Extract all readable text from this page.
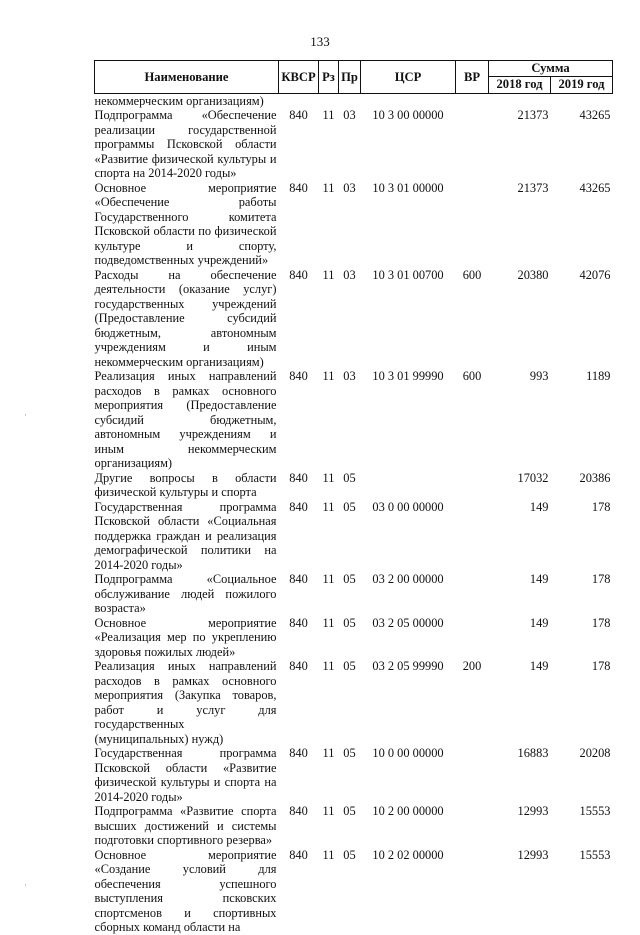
133
Наименование	КВСР	Рз	Пр	ЦСР	ВР	Сумма	
						2018 год	2019 год
некоммерческим организациям)							
Подпрограмма «Обеспечение реализации государственной программы Псковской области «Развитие физической культуры и спорта на 2014-2020 годы»	840	11	03	10 3 00 00000		21373	43265
Основное мероприятие «Обеспечение работы Государственного комитета Псковской области по физической культуре и спорту, подведомственных учреждений»	840	11	03	10 3 01 00000		21373	43265
Расходы на обеспечение деятельности (оказание услуг) государственных учреждений (Предоставление субсидий бюджетным, автономным учреждениям и иным некоммерческим организациям)	840	11	03	10 3 01 00700	600	20380	42076
Реализация иных направлений расходов в рамках основного мероприятия (Предоставление субсидий бюджетным, автономным учреждениям и иным некоммерческим организациям)	840	11	03	10 3 01 99990	600	993	1189
Другие вопросы в области физической культуры и спорта	840	11	05			17032	20386
Государственная программа Псковской области «Социальная поддержка граждан и реализация демографической политики на 2014-2020 годы»	840	11	05	03 0 00 00000		149	178
Подпрограмма «Социальное обслуживание людей пожилого возраста»	840	11	05	03 2 00 00000		149	178
Основное мероприятие «Реализация мер по укреплению здоровья пожилых людей»	840	11	05	03 2 05 00000		149	178
Реализация иных направлений расходов в рамках основного мероприятия (Закупка товаров, работ и услуг для государственных (муниципальных) нужд)	840	11	05	03 2 05 99990	200	149	178
Государственная программа Псковской области «Развитие физической культуры и спорта на 2014-2020 годы»	840	11	05	10 0 00 00000		16883	20208
Подпрограмма «Развитие спорта высших достижений и системы подготовки спортивного резерва»	840	11	05	10 2 00 00000		12993	15553
Основное мероприятие «Создание условий для обеспечения успешного выступления псковских спортсменов и спортивных сборных команд области на	840	11	05	10 2 02 00000		12993	15553
·
·
